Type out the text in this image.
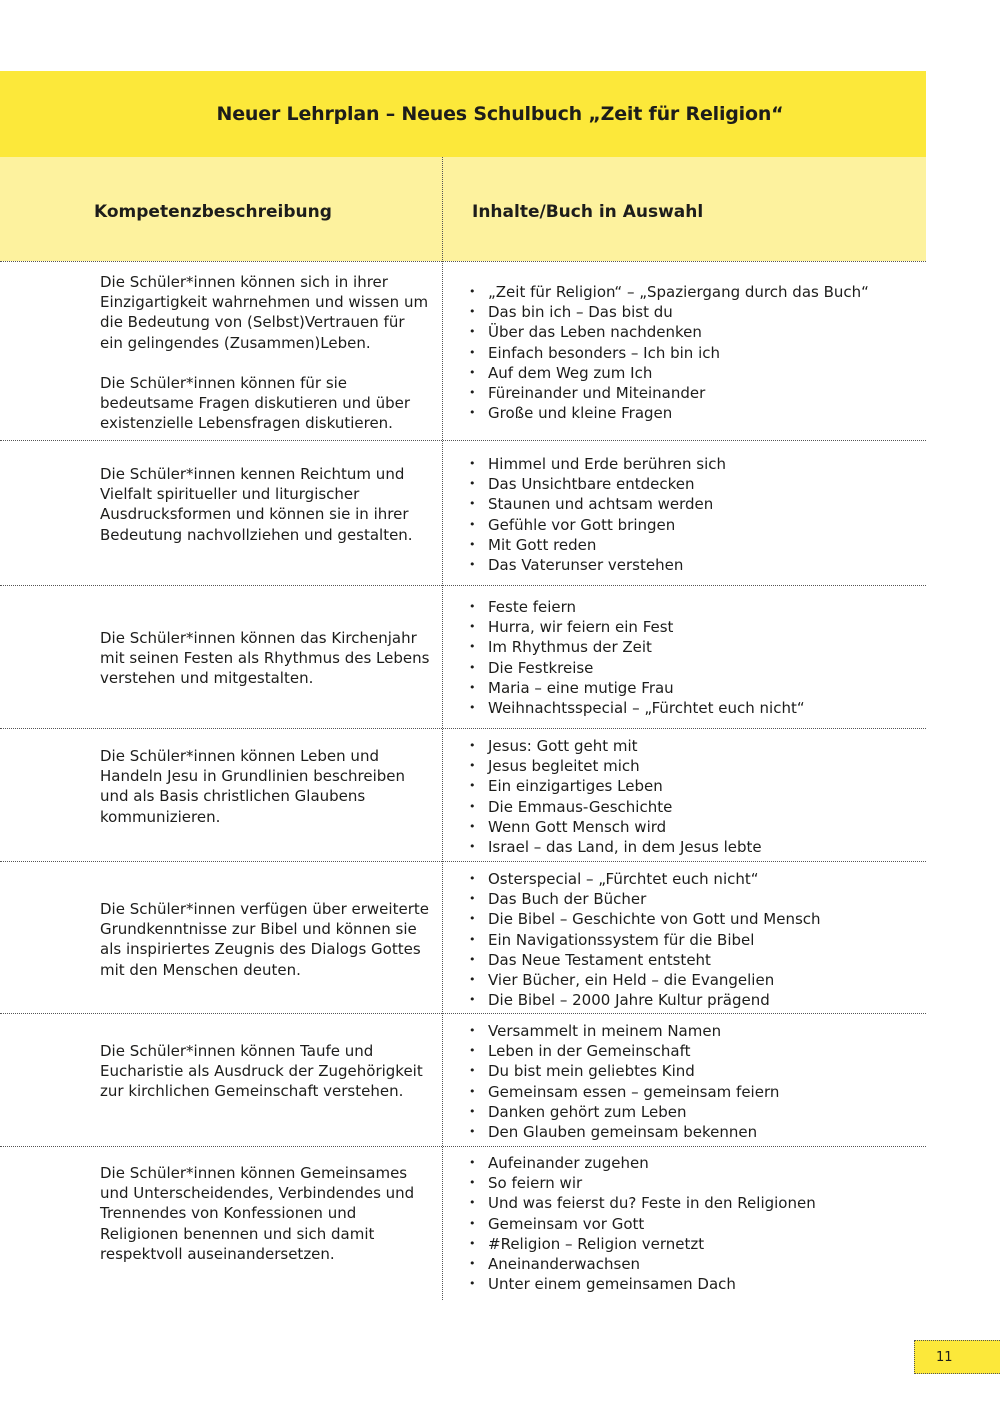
Neuer Lehrplan – Neues Schulbuch „Zeit für Religion“
Kompetenzbeschreibung	Inhalte/Buch in Auswahl

Die Schüler*innen können sich in ihrer Einzigartigkeit wahrnehmen und wissen um die Bedeutung von (Selbst)Vertrauen für ein gelingendes (Zusammen)Leben.

Die Schüler*innen können für sie bedeutsame Fragen diskutieren und über existenzielle Lebensfragen diskutieren.

• „Zeit für Religion“ – „Spaziergang durch das Buch“
• Das bin ich – Das bist du
• Über das Leben nachdenken
• Einfach besonders – Ich bin ich
• Auf dem Weg zum Ich
• Füreinander und Miteinander
• Große und kleine Fragen

Die Schüler*innen kennen Reichtum und Vielfalt spiritueller und liturgischer Ausdrucksformen und können sie in ihrer Bedeutung nachvollziehen und gestalten.

• Himmel und Erde berühren sich
• Das Unsichtbare entdecken
• Staunen und achtsam werden
• Gefühle vor Gott bringen
• Mit Gott reden
• Das Vaterunser verstehen

Die Schüler*innen können das Kirchenjahr mit seinen Festen als Rhythmus des Lebens verstehen und mitgestalten.

• Feste feiern
• Hurra, wir feiern ein Fest
• Im Rhythmus der Zeit
• Die Festkreise
• Maria – eine mutige Frau
• Weihnachtsspecial – „Fürchtet euch nicht“

Die Schüler*innen können Leben und Handeln Jesu in Grundlinien beschreiben und als Basis christlichen Glaubens kommunizieren.

• Jesus: Gott geht mit
• Jesus begleitet mich
• Ein einzigartiges Leben
• Die Emmaus-Geschichte
• Wenn Gott Mensch wird
• Israel – das Land, in dem Jesus lebte

Die Schüler*innen verfügen über erweiterte Grundkenntnisse zur Bibel und können sie als inspiriertes Zeugnis des Dialogs Gottes mit den Menschen deuten.

• Osterspecial – „Fürchtet euch nicht“
• Das Buch der Bücher
• Die Bibel – Geschichte von Gott und Mensch
• Ein Navigationssystem für die Bibel
• Das Neue Testament entsteht
• Vier Bücher, ein Held – die Evangelien
• Die Bibel – 2000 Jahre Kultur prägend

Die Schüler*innen können Taufe und Eucharistie als Ausdruck der Zugehörigkeit zur kirchlichen Gemeinschaft verstehen.

• Versammelt in meinem Namen
• Leben in der Gemeinschaft
• Du bist mein geliebtes Kind
• Gemeinsam essen – gemeinsam feiern
• Danken gehört zum Leben
• Den Glauben gemeinsam bekennen

Die Schüler*innen können Gemeinsames und Unterscheidendes, Verbindendes und Trennendes von Konfessionen und Religionen benennen und sich damit respektvoll auseinandersetzen.

• Aufeinander zugehen
• So feiern wir
• Und was feierst du? Feste in den Religionen
• Gemeinsam vor Gott
• #Religion – Religion vernetzt
• Aneinanderwachsen
• Unter einem gemeinsamen Dach
11
